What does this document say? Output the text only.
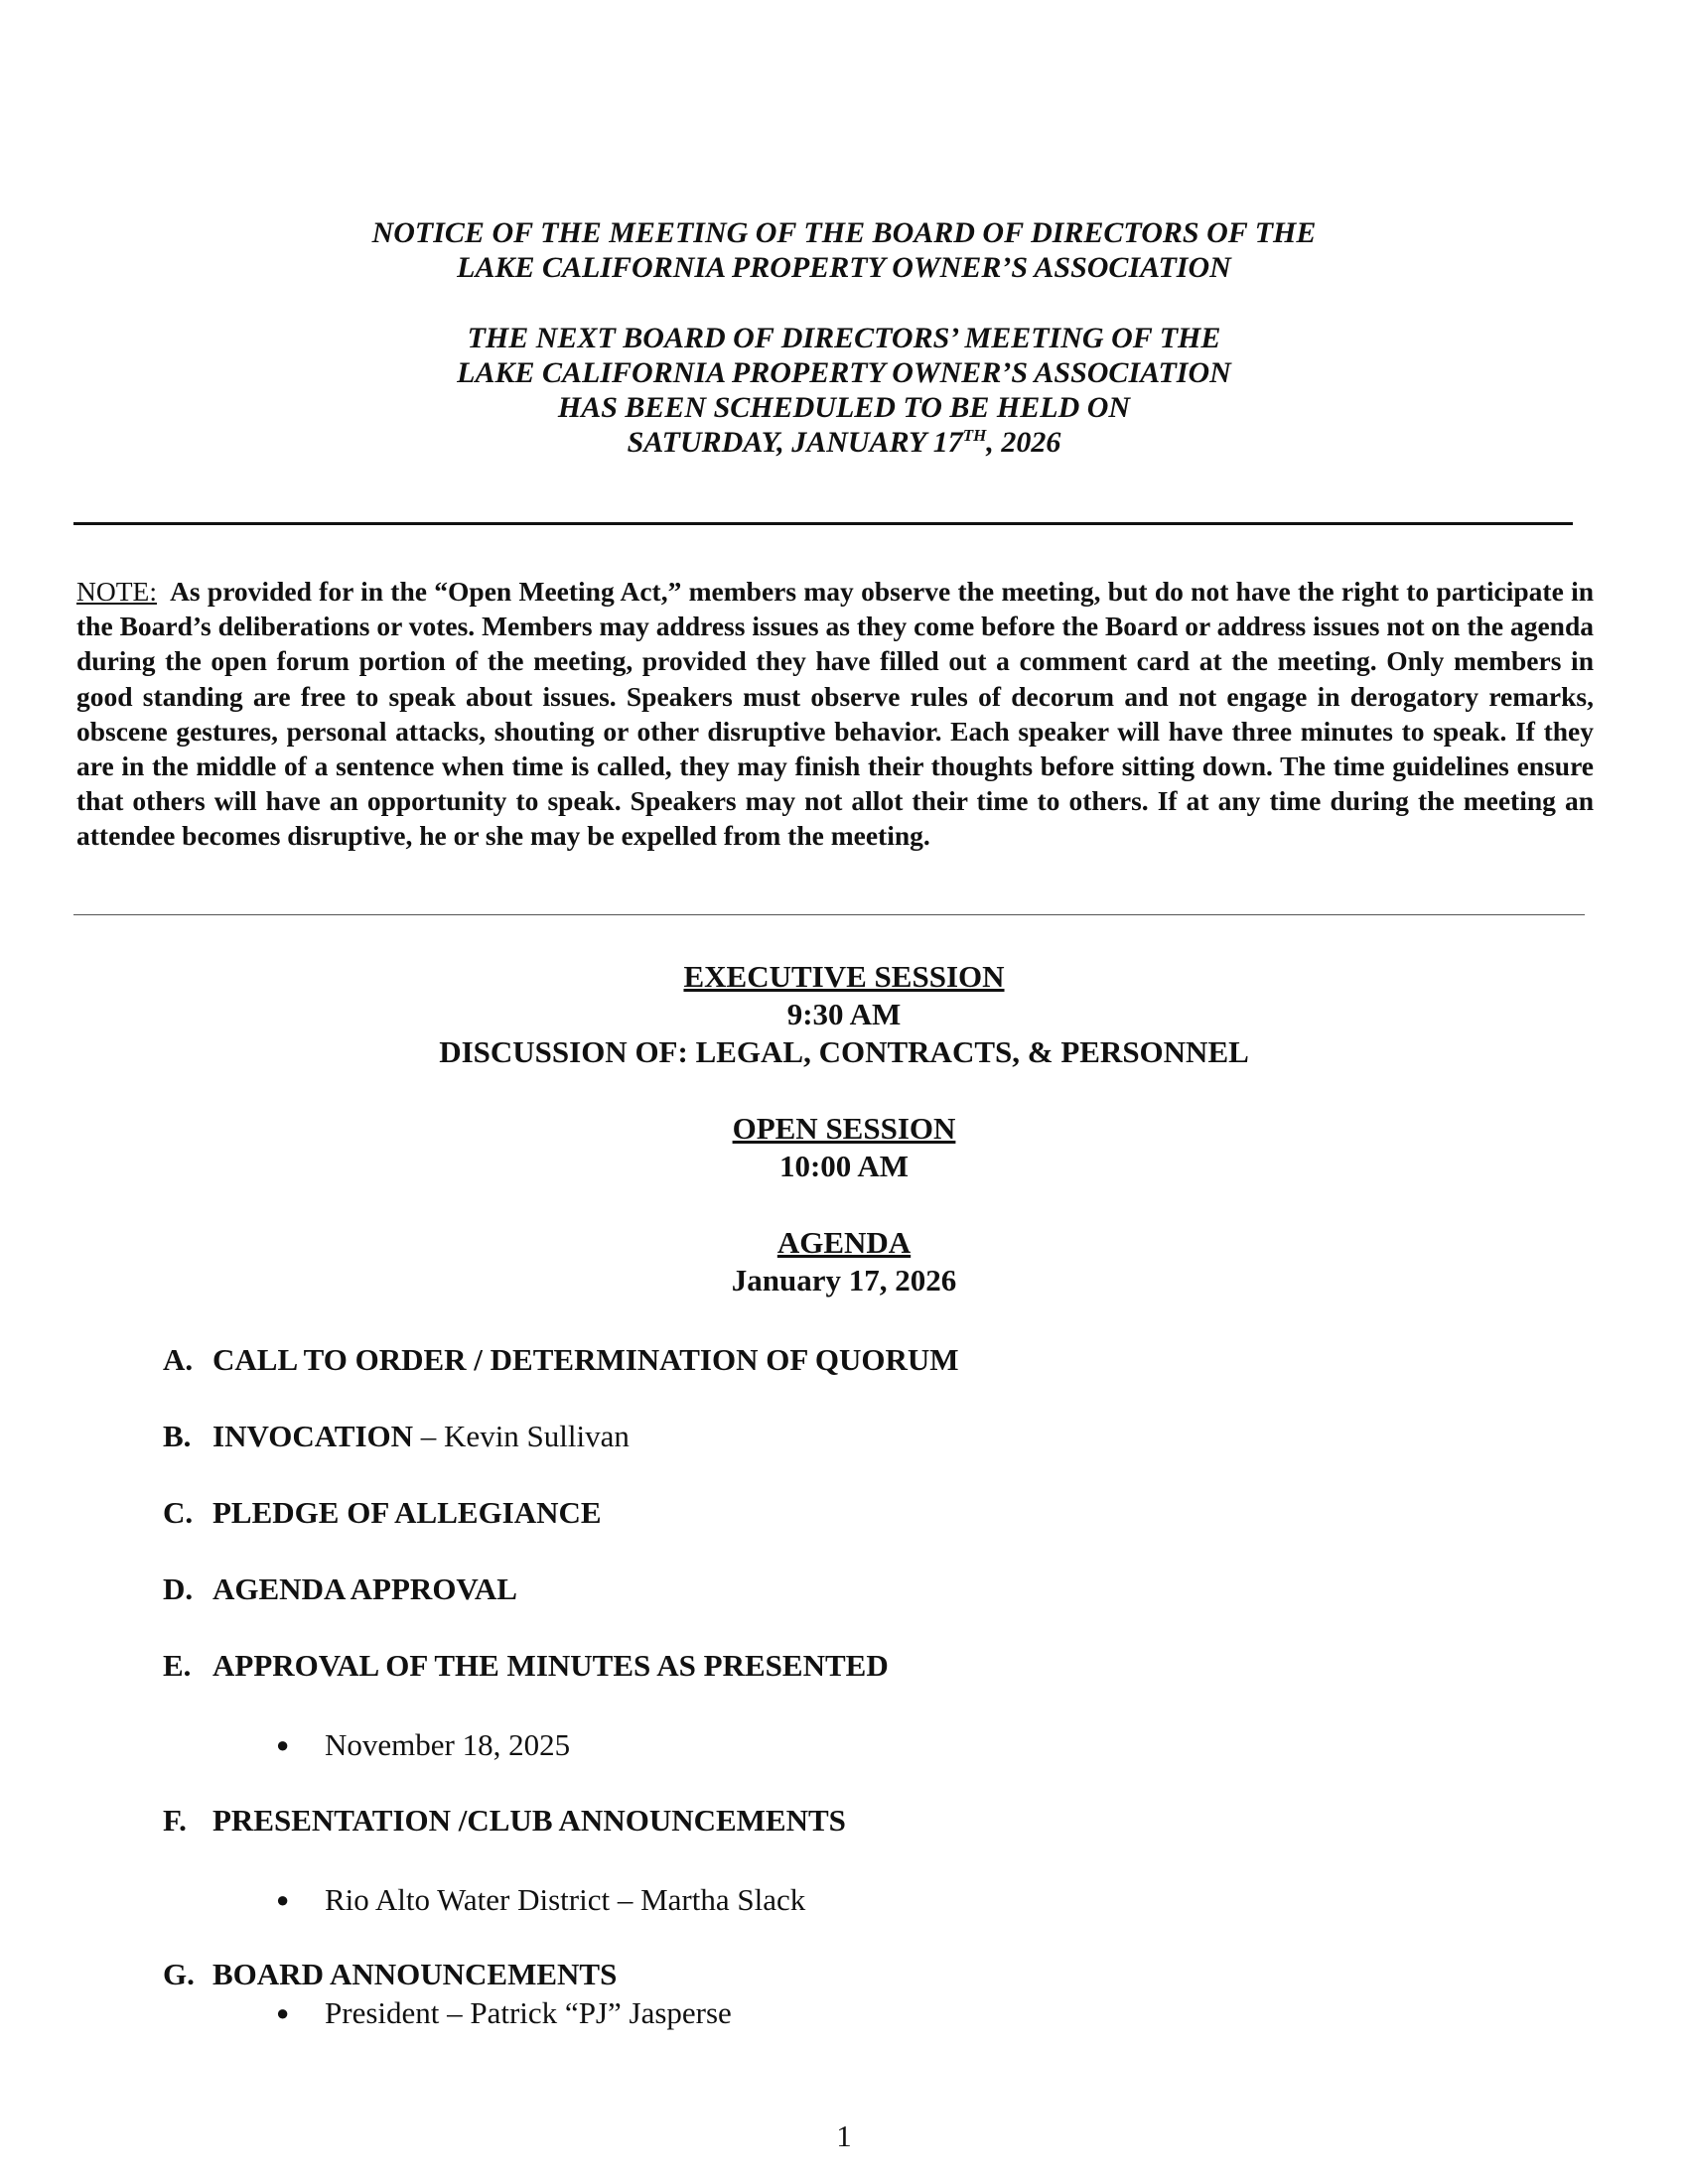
NOTICE OF THE MEETING OF THE BOARD OF DIRECTORS OF THE
LAKE CALIFORNIA PROPERTY OWNER’S ASSOCIATION
THE NEXT BOARD OF DIRECTORS’ MEETING OF THE
LAKE CALIFORNIA PROPERTY OWNER’S ASSOCIATION
HAS BEEN SCHEDULED TO BE HELD ON
SATURDAY, JANUARY 17TH, 2026
NOTE: As provided for in the “Open Meeting Act,” members may observe the meeting, but do not have the right to participate in the Board’s deliberations or votes. Members may address issues as they come before the Board or address issues not on the agenda during the open forum portion of the meeting, provided they have filled out a comment card at the meeting. Only members in good standing are free to speak about issues. Speakers must observe rules of decorum and not engage in derogatory remarks, obscene gestures, personal attacks, shouting or other disruptive behavior. Each speaker will have three minutes to speak. If they are in the middle of a sentence when time is called, they may finish their thoughts before sitting down. The time guidelines ensure that others will have an opportunity to speak. Speakers may not allot their time to others. If at any time during the meeting an attendee becomes disruptive, he or she may be expelled from the meeting.
EXECUTIVE SESSION
9:30 AM
DISCUSSION OF: LEGAL, CONTRACTS, & PERSONNEL
OPEN SESSION
10:00 AM
AGENDA
January 17, 2026
A. CALL TO ORDER / DETERMINATION OF QUORUM
B. INVOCATION – Kevin Sullivan
C. PLEDGE OF ALLEGIANCE
D. AGENDA APPROVAL
E. APPROVAL OF THE MINUTES AS PRESENTED
● November 18, 2025
F. PRESENTATION /CLUB ANNOUNCEMENTS
● Rio Alto Water District – Martha Slack
G. BOARD ANNOUNCEMENTS
● President – Patrick “PJ” Jasperse
1
